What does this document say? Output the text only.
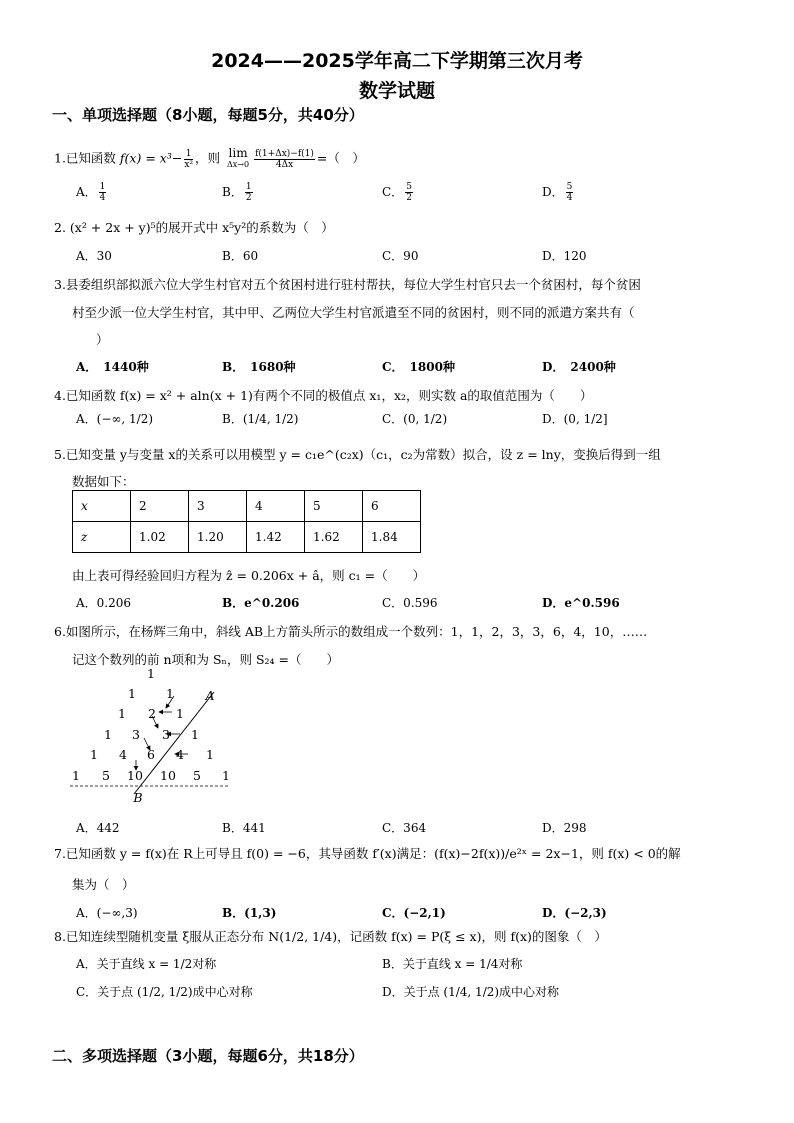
2024——2025学年高二下学期第三次月考
数学试题
一、单项选择题（8小题，每题5分，共40分）
1.已知函数 $f(x) = x^3- \frac{1}{\text{x²}}$ ，则 lim
$\Delta x\to 0 \frac{f(1+\Delta x)-f(1)}{4\Delta x}$ =（　）
A． $\frac{1}{4}$	B． $\frac{1}{2}$	C． $\frac{5}{2}$	D． $\frac{5}{4}$
2. (x² + 2x + y)⁵的展开式中 x⁵y²的系数为（　）
A．30	B．60	C．90	D．120
3.县委组织部拟派六位大学生村官对五个贫困村进行驻村帮扶，每位大学生村官只去一个贫困村，每个贫困
村至少派一位大学生村官，其中甲、乙两位大学生村官派遣至不同的贫困村，则不同的派遣方案共有（
）
A．　1440种	B．　1680种	C．　1800种	D．　2400种
4.已知函数 f(x) = x² + aln(x + 1)有两个不同的极值点 x₁，x₂，则实数 a的取值范围为（　　）
A．(−∞, 1/2)	B．(1/4, 1/2)	C．(0, 1/2)	D．(0, 1/2]
5.已知变量 y与变量 x的关系可以用模型 y = c₁e^(c₂x)（c₁，c₂为常数）拟合，设 z = lny，变换后得到一组
数据如下：
x	2	3	4	5	6
z	1.02	1.20	1.42	1.62	1.84
由上表可得经验回归方程为 ẑ = 0.206x + â，则 c₁ =（　　）
A．0.206	B．e^0.206	C．0.596	D．e^0.596
6.如图所示，在杨辉三角中，斜线 AB上方箭头所示的数组成一个数列：1，1，2，3，3，6，4，10，……
记这个数列的前 n项和为 Sₙ，则 S₂₄ =（　　）
1
1 1
1 2 1
1 3 3 1
1 4 6 4 1
1 5 10 10 5 1
A
B
A．442	B．441	C．364	D．298
7.已知函数 y = f(x)在 R上可导且 f(0) = −6，其导函数 f′(x)满足：(f(x)−2f(x))/e²ˣ = 2x−1，则 f(x) < 0的解
集为（　）
A．(−∞,3)	B．(1,3)	C．(−2,1)	D．(−2,3)
8.已知连续型随机变量 ξ服从正态分布 N(1/2, 1/4)，记函数 f(x) = P(ξ ≤ x)，则 f(x)的图象（　）
A．关于直线 x = 1/2对称	B．关于直线 x = 1/4对称
C．关于点 (1/2, 1/2)成中心对称	D．关于点 (1/4, 1/2)成中心对称
二、多项选择题（3小题，每题6分，共18分）
